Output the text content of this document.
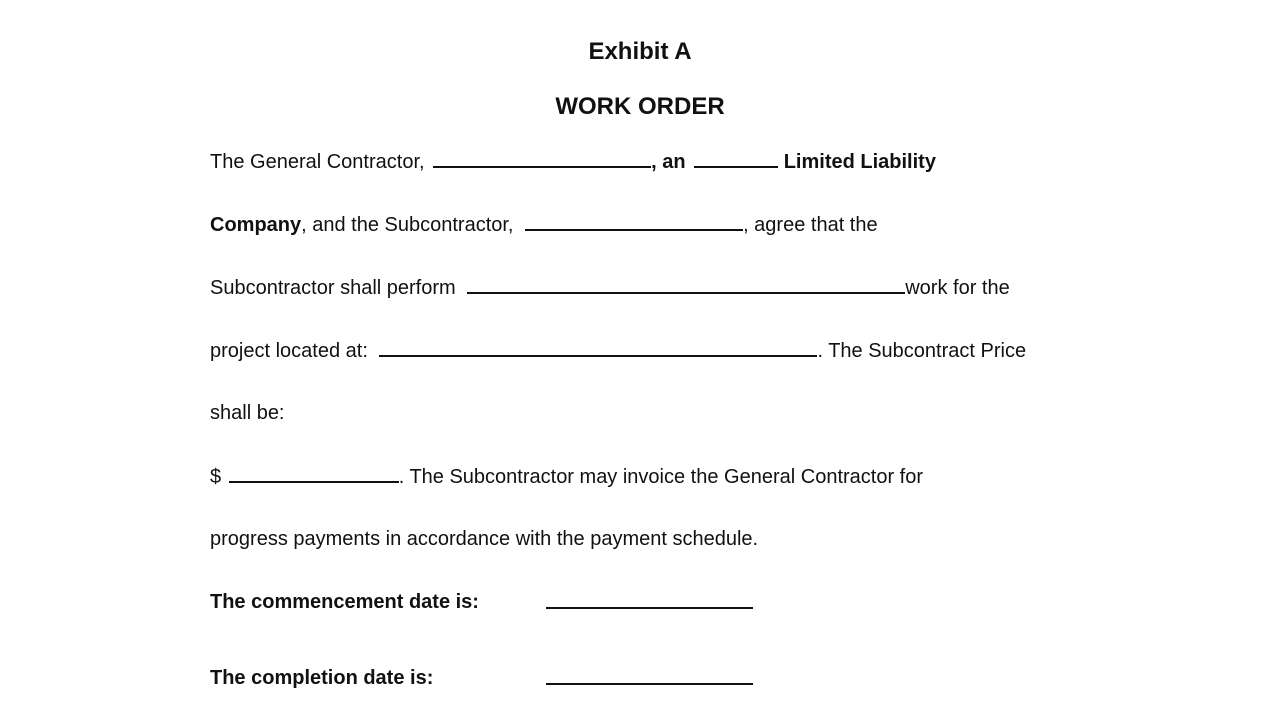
Exhibit A
WORK ORDER
The General Contractor,	, an	Limited Liability
Company, and the Subcontractor,	, agree that the
Subcontractor shall perform	work for the
project located at:	. The Subcontract Price
shall be:
$	. The Subcontractor may invoice the General Contractor for
progress payments in accordance with the payment schedule.
The commencement date is:
The completion date is:
